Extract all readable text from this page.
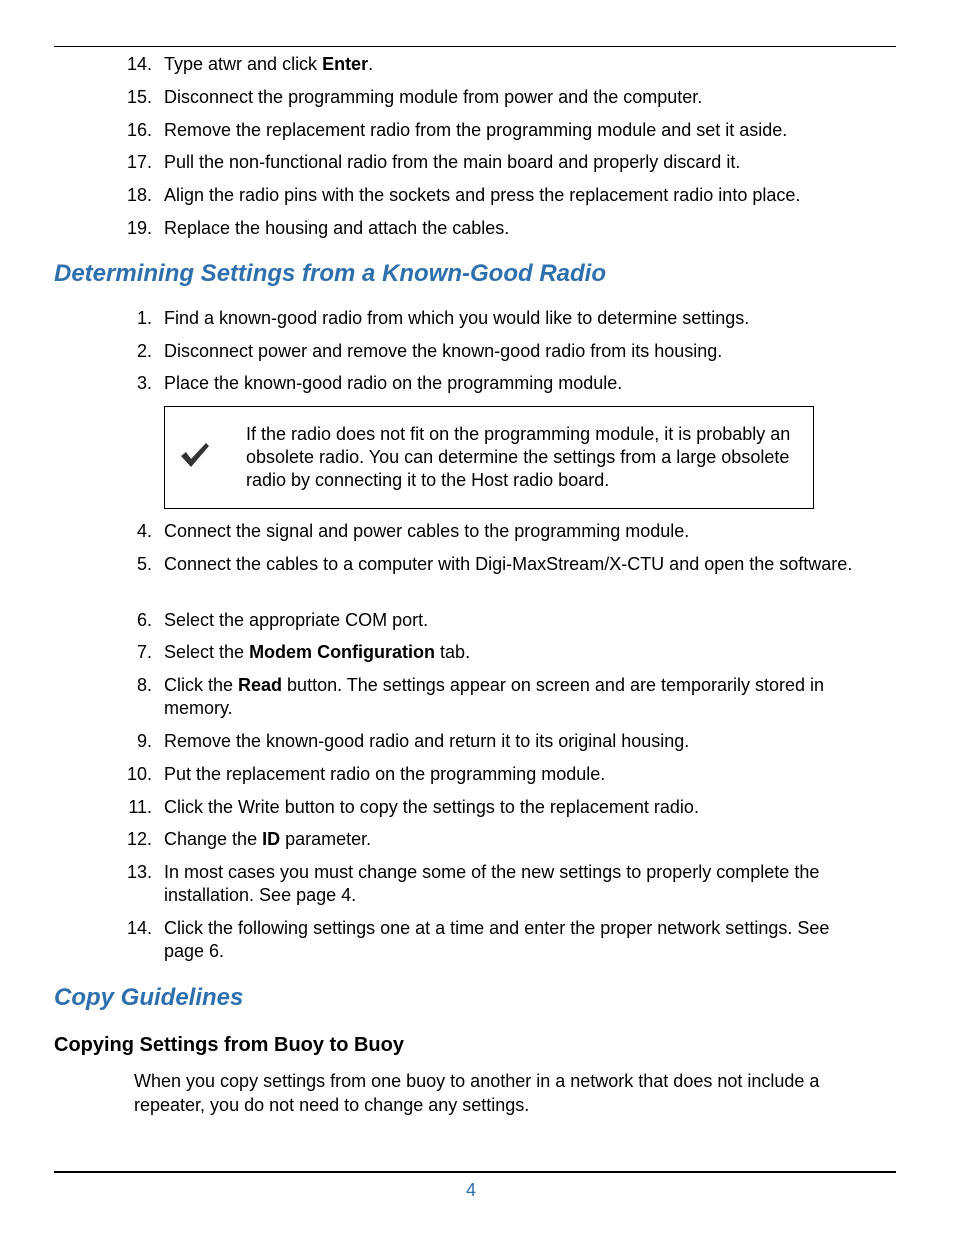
14. Type atwr and click Enter.
15. Disconnect the programming module from power and the computer.
16. Remove the replacement radio from the programming module and set it aside.
17. Pull the non-functional radio from the main board and properly discard it.
18. Align the radio pins with the sockets and press the replacement radio into place.
19. Replace the housing and attach the cables.
Determining Settings from a Known-Good Radio
1. Find a known-good radio from which you would like to determine settings.
2. Disconnect power and remove the known-good radio from its housing.
3. Place the known-good radio on the programming module.
If the radio does not fit on the programming module, it is probably an obsolete radio. You can determine the settings from a large obsolete radio by connecting it to the Host radio board.
4. Connect the signal and power cables to the programming module.
5. Connect the cables to a computer with Digi-MaxStream/X-CTU and open the software.
6. Select the appropriate COM port.
7. Select the Modem Configuration tab.
8. Click the Read button. The settings appear on screen and are temporarily stored in memory.
9. Remove the known-good radio and return it to its original housing.
10. Put the replacement radio on the programming module.
11. Click the Write button to copy the settings to the replacement radio.
12. Change the ID parameter.
13. In most cases you must change some of the new settings to properly complete the installation. See page 4.
14. Click the following settings one at a time and enter the proper network settings. See page 6.
Copy Guidelines
Copying Settings from Buoy to Buoy
When you copy settings from one buoy to another in a network that does not include a repeater, you do not need to change any settings.
4
